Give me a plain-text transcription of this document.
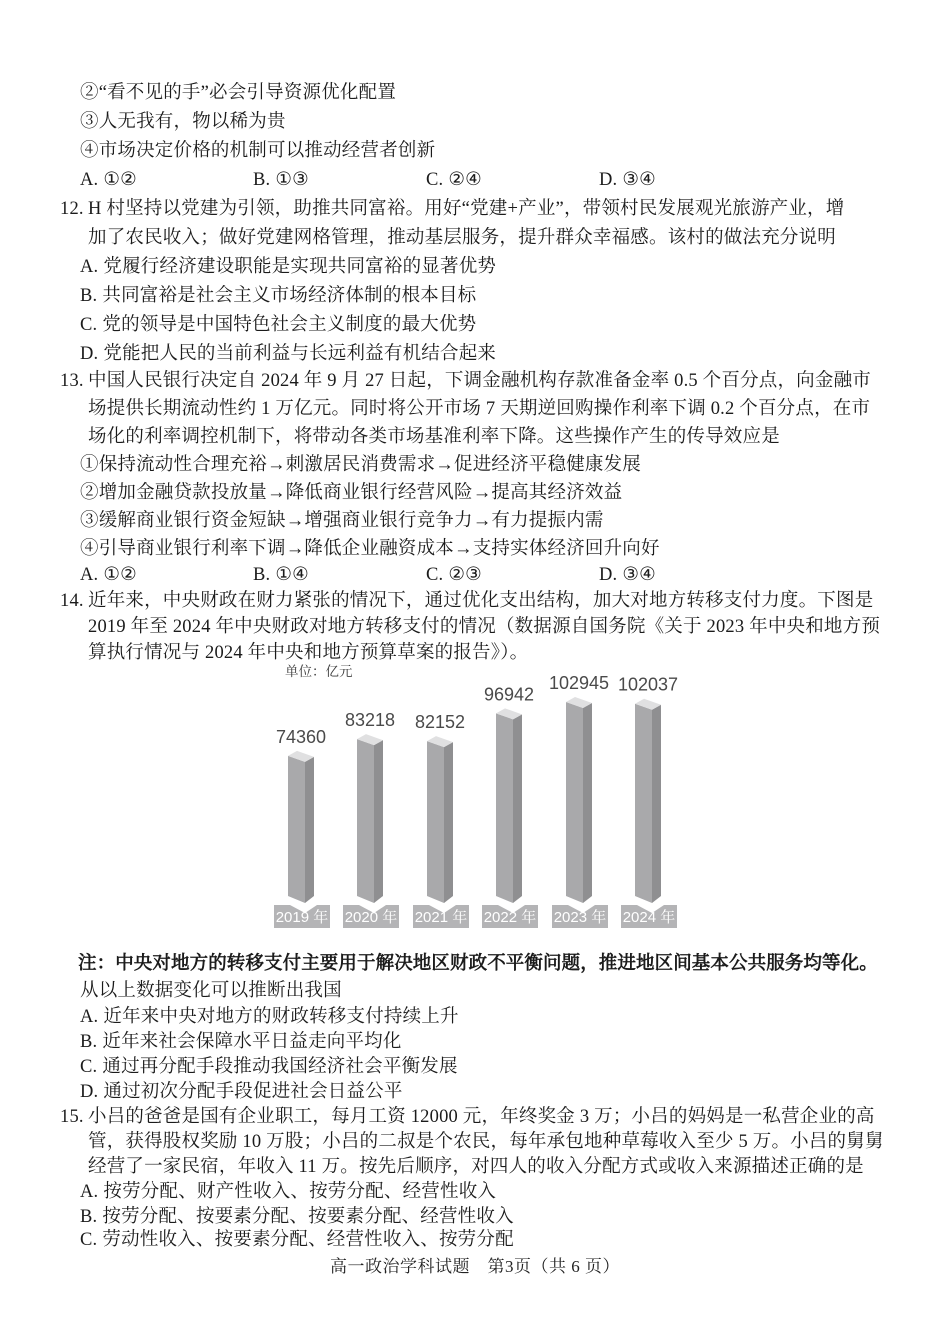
②“看不见的手”必会引导资源优化配置
③人无我有，物以稀为贵
④市场决定价格的机制可以推动经营者创新
A. ①②	B. ①③	C. ②④	D. ③④
12. H 村坚持以党建为引领，助推共同富裕。用好“党建+产业”，带领村民发展观光旅游产业，增
加了农民收入；做好党建网格管理，推动基层服务，提升群众幸福感。该村的做法充分说明
A. 党履行经济建设职能是实现共同富裕的显著优势
B. 共同富裕是社会主义市场经济体制的根本目标
C. 党的领导是中国特色社会主义制度的最大优势
D. 党能把人民的当前利益与长远利益有机结合起来
13. 中国人民银行决定自 2024 年 9 月 27 日起，下调金融机构存款准备金率 0.5 个百分点，向金融市
场提供长期流动性约 1 万亿元。同时将公开市场 7 天期逆回购操作利率下调 0.2 个百分点，在市
场化的利率调控机制下，将带动各类市场基准利率下降。这些操作产生的传导效应是
①保持流动性合理充裕→刺激居民消费需求→促进经济平稳健康发展
②增加金融贷款投放量→降低商业银行经营风险→提高其经济效益
③缓解商业银行资金短缺→增强商业银行竞争力→有力提振内需
④引导商业银行利率下调→降低企业融资成本→支持实体经济回升向好
A. ①②	B. ①④	C. ②③	D. ③④
14. 近年来，中央财政在财力紧张的情况下，通过优化支出结构，加大对地方转移支付力度。下图是
2019 年至 2024 年中央财政对地方转移支付的情况（数据源自国务院《关于 2023 年中央和地方预
算执行情况与 2024 年中央和地方预算草案的报告》）。
注：中央对地方的转移支付主要用于解决地区财政不平衡问题，推进地区间基本公共服务均等化。
从以上数据变化可以推断出我国
A. 近年来中央对地方的财政转移支付持续上升
B. 近年来社会保障水平日益走向平均化
C. 通过再分配手段推动我国经济社会平衡发展
D. 通过初次分配手段促进社会日益公平
15. 小吕的爸爸是国有企业职工，每月工资 12000 元，年终奖金 3 万；小吕的妈妈是一私营企业的高
管，获得股权奖励 10 万股；小吕的二叔是个农民，每年承包地种草莓收入至少 5 万。小吕的舅舅
经营了一家民宿，年收入 11 万。按先后顺序，对四人的收入分配方式或收入来源描述正确的是
A. 按劳分配、财产性收入、按劳分配、经营性收入
B. 按劳分配、按要素分配、按要素分配、经营性收入
C. 劳动性收入、按要素分配、经营性收入、按劳分配
单位：亿元
74360
2019 年
83218
2020 年
82152
2021 年
96942
2022 年
102945
2023 年
102037
2024 年
高一政治学科试题　第3页（共 6 页）
